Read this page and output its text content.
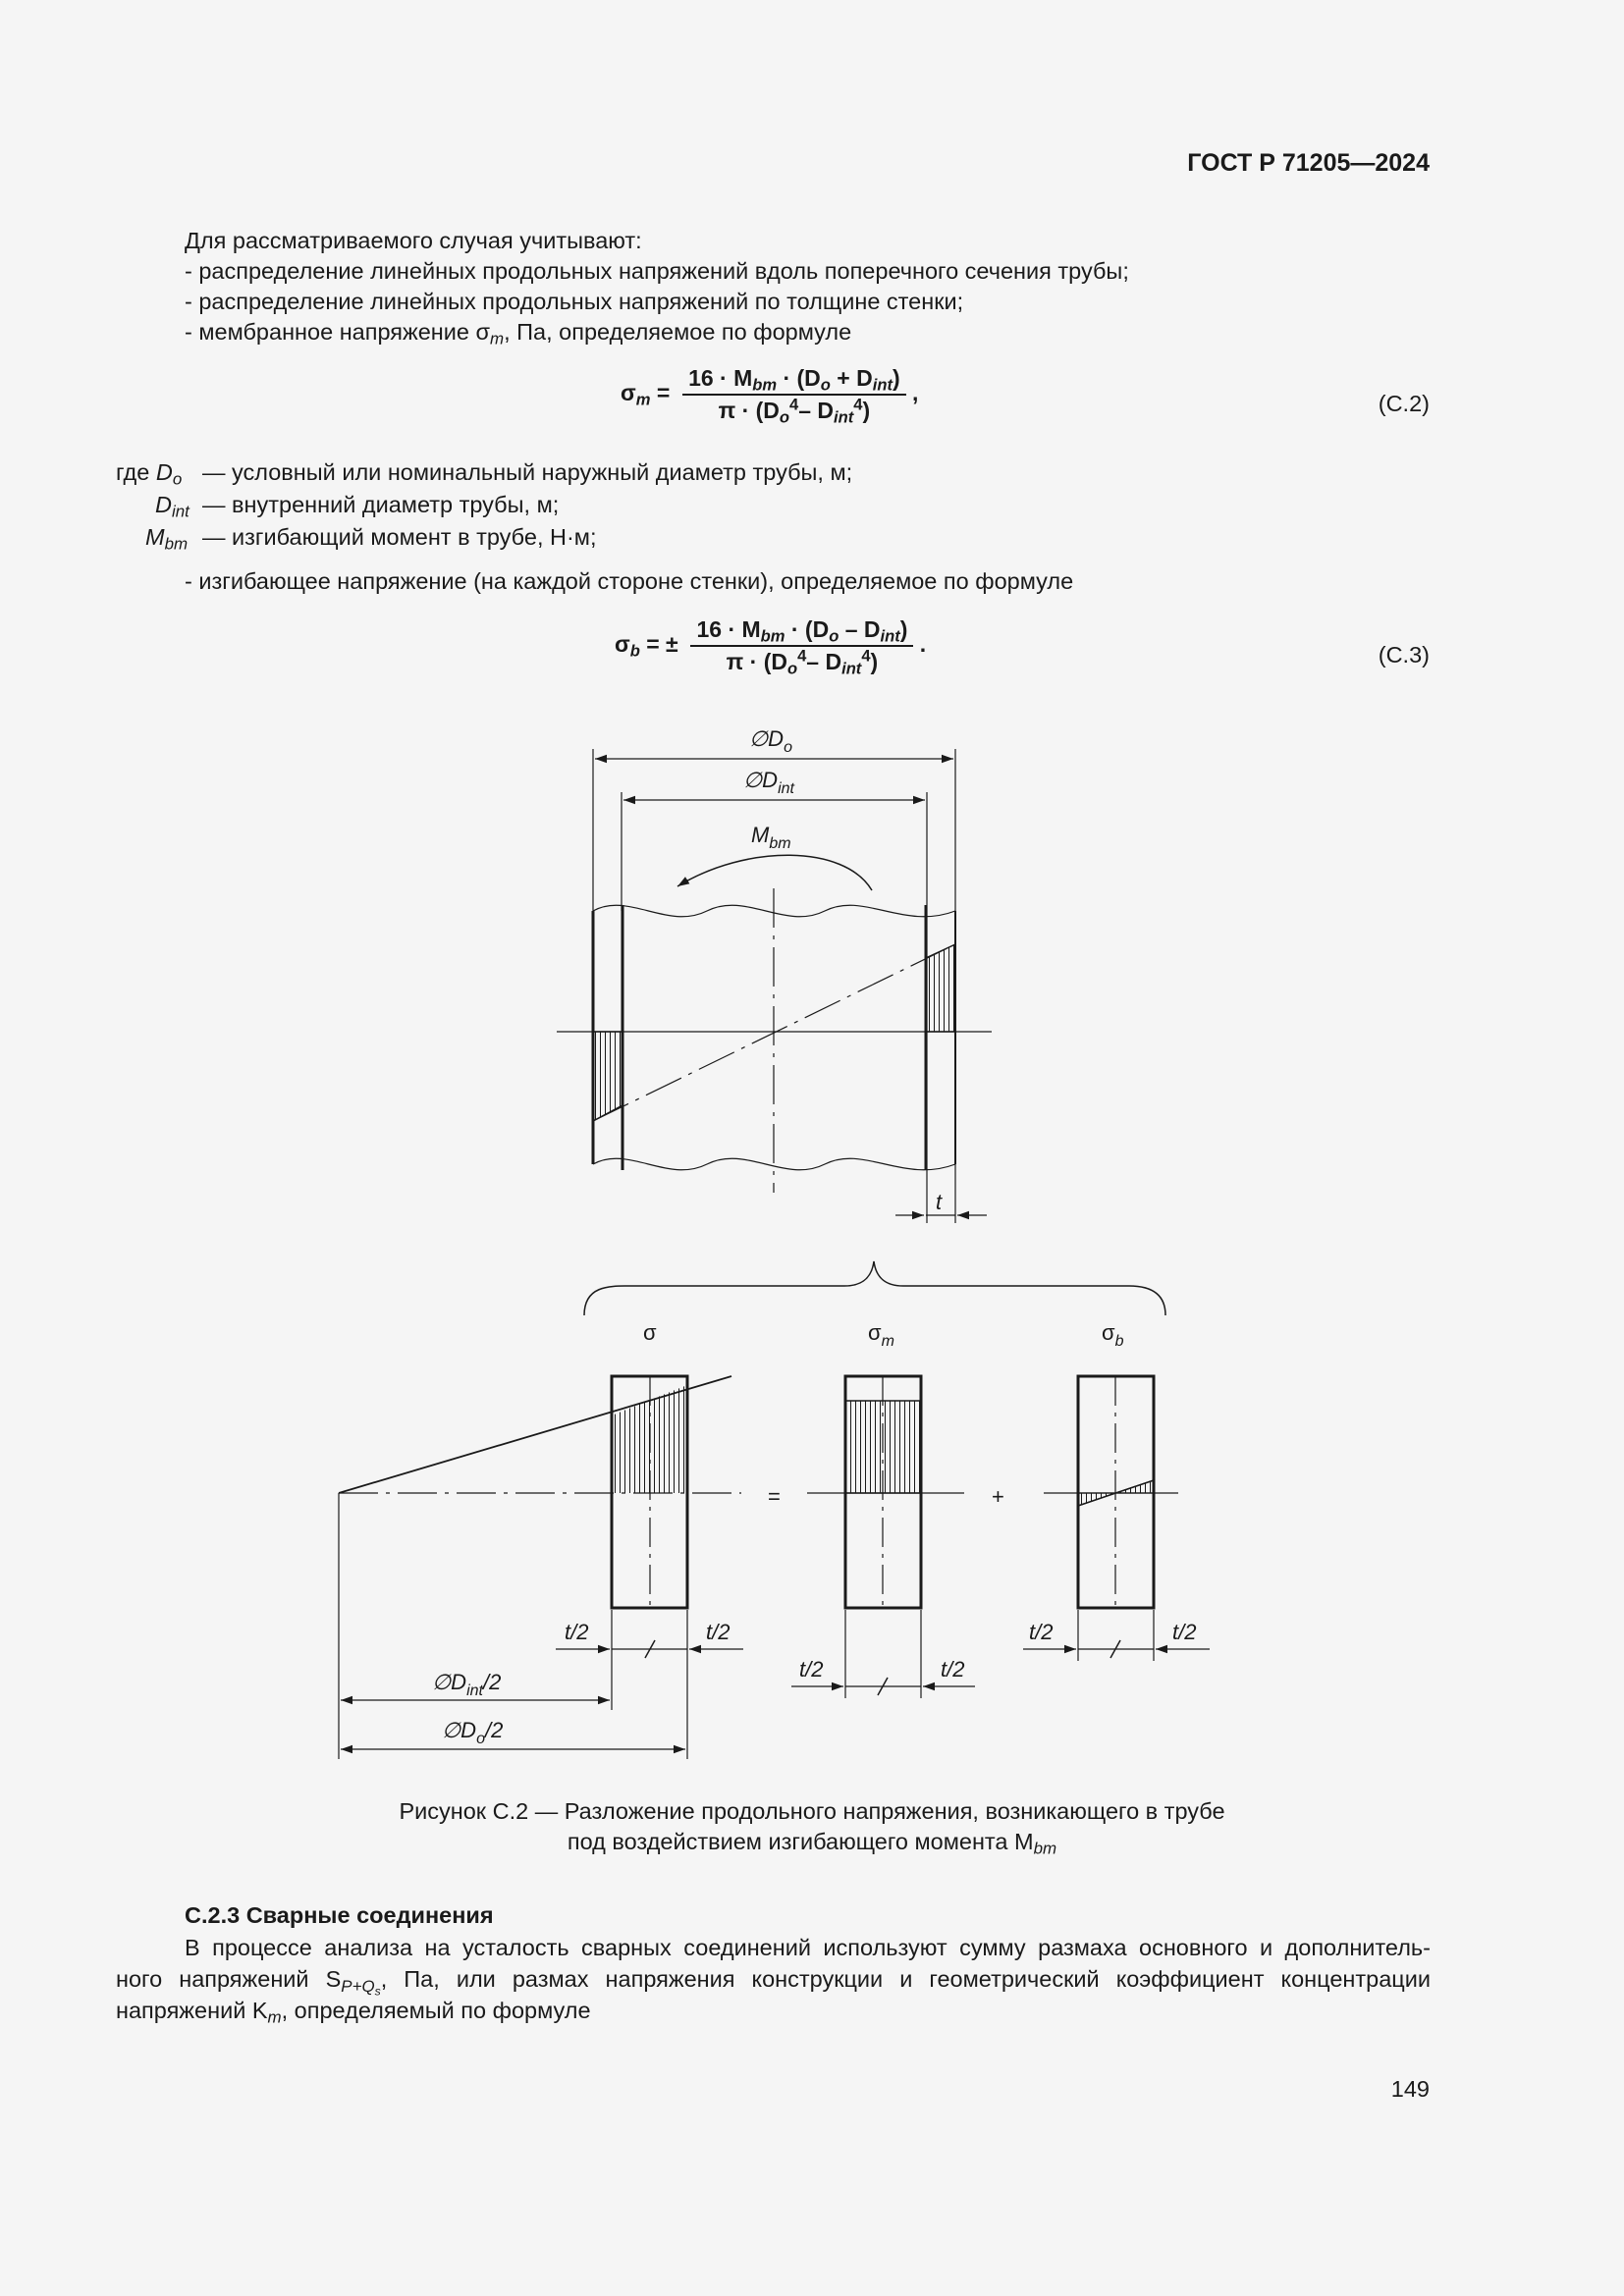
ГОСТ Р 71205—2024
Для рассматриваемого случая учитывают:
- распределение линейных продольных напряжений вдоль поперечного сечения трубы;
- распределение линейных продольных напряжений по толщине стенки;
- мембранное напряжение $\sigma_m$, Па, определяемое по формуле
$\sigma_m = \frac{16 \cdot M_{bm} \cdot (D_o + D_{int})}{\pi \cdot (D_o^4- D_{int}^4)}$ ,	(С.2)
где $D_o$ — условный или номинальный наружный диаметр трубы, м;
$D_{int}$ — внутренний диаметр трубы, м;
$M_{bm}$ — изгибающий момент в трубе, Н·м;
- изгибающее напряжение (на каждой стороне стенки), определяемое по формуле
$\sigma_b$ = ± $\frac{16 \cdot M_{bm} \cdot (D_o - D_{int})}{\pi \cdot (D_o^4- D_{int}^4)}$ .	(С.3)
$\emptyset D_o$
$\emptyset D_{int}$
$M_{bm}$
t
σ	$\sigma_m$	$\sigma_b$
=	+
t/2	t/2
t/2	t/2
t/2	t/2
$\emptyset D_{int}/2$
$\emptyset D_o/2$
Рисунок С.2 — Разложение продольного напряжения, возникающего в трубе
под воздействием изгибающего момента $M_{bm}$
С.2.3 Сварные соединения
В процессе анализа на усталость сварных соединений используют сумму размаха основного и дополнитель-
ного напряжений $S_{P+Q_s}$, Па, или размах напряжения конструкции и геометрический коэффициент концентрации
напряжений $K_m$, определяемый по формуле
149
